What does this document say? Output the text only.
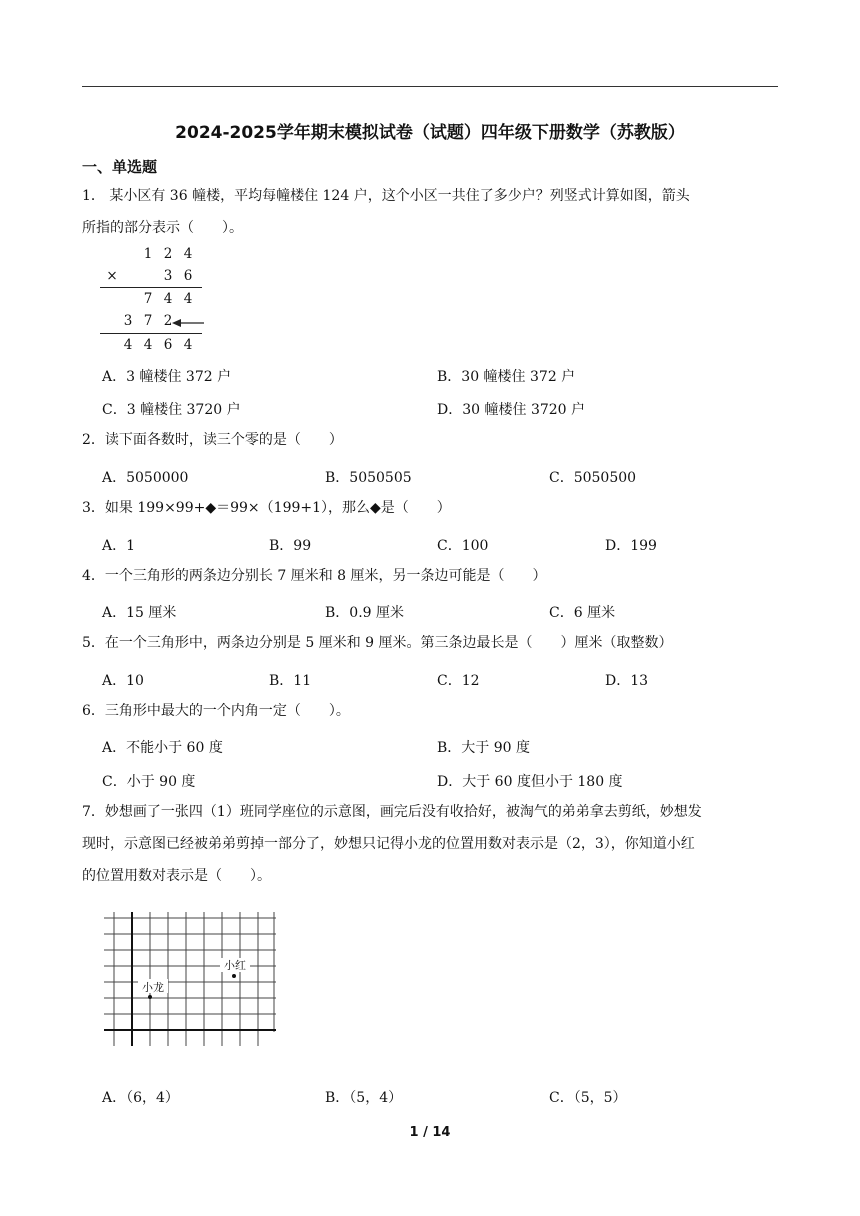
2024-2025学年期末模拟试卷（试题）四年级下册数学（苏教版）
一、单选题
1． 某小区有 36 幢楼，平均每幢楼住 124 户，这个小区一共住了多少户？列竖式计算如图，箭头
所指的部分表示（　　）。
1 2 4
×	3 6
7 4 4
3 7 2
4 4 6 4
A．3 幢楼住 372 户	B．30 幢楼住 372 户
C．3 幢楼住 3720 户	D．30 幢楼住 3720 户
2．读下面各数时，读三个零的是（　　）
A．5050000	B．5050505	C．5050500
3．如果 199×99+◆＝99×（199+1），那么◆是（　　）
A．1	B．99	C．100	D．199
4．一个三角形的两条边分别长 7 厘米和 8 厘米，另一条边可能是（　　）
A．15 厘米	B．0.9 厘米	C．6 厘米
5．在一个三角形中，两条边分别是 5 厘米和 9 厘米。第三条边最长是（　　）厘米（取整数）
A．10	B．11	C．12	D．13
6．三角形中最大的一个内角一定（　　）。
A．不能小于 60 度	B．大于 90 度
C．小于 90 度	D．大于 60 度但小于 180 度
7．妙想画了一张四（1）班同学座位的示意图，画完后没有收拾好，被淘气的弟弟拿去剪纸，妙想发
现时，示意图已经被弟弟剪掉一部分了，妙想只记得小龙的位置用数对表示是（2，3），你知道小红
的位置用数对表示是（　　）。
小红
小龙
A．（6，4）	B．（5，4）	C．（5，5）
1 / 14
